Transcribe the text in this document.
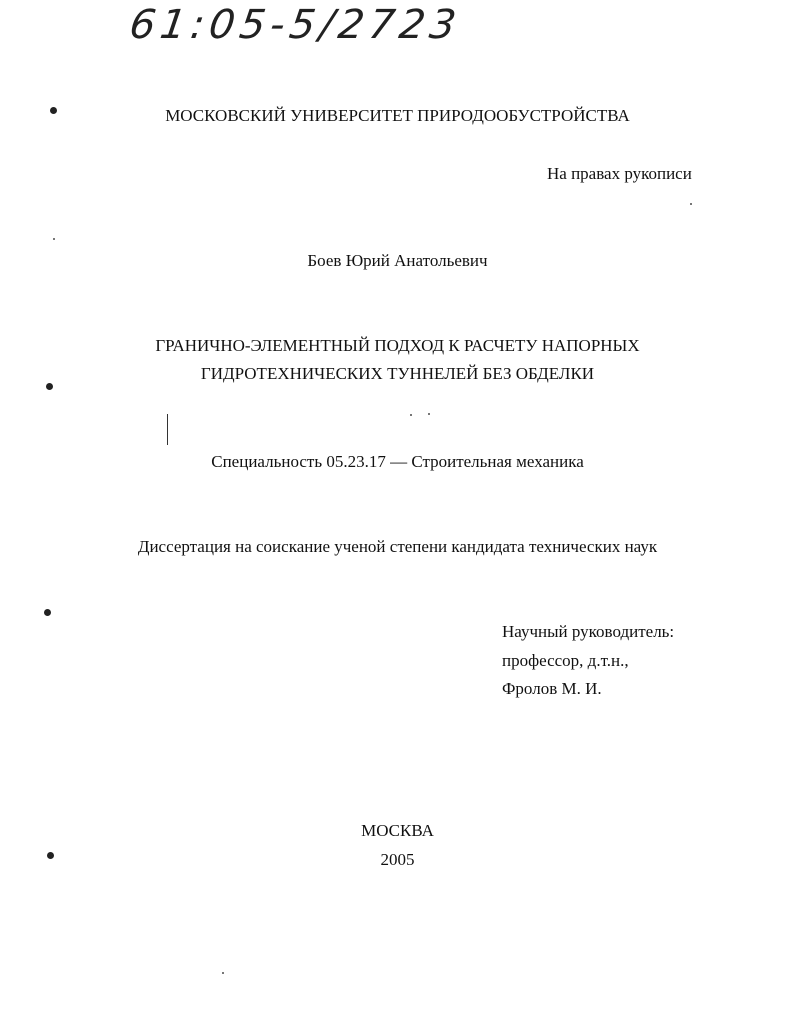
61:05-5/2723
МОСКОВСКИЙ УНИВЕРСИТЕТ ПРИРОДООБУСТРОЙСТВА
На правах рукописи
Боев Юрий Анатольевич
ГРАНИЧНО-ЭЛЕМЕНТНЫЙ ПОДХОД К РАСЧЕТУ НАПОРНЫХ
ГИДРОТЕХНИЧЕСКИХ ТУННЕЛЕЙ БЕЗ ОБДЕЛКИ
Специальность 05.23.17 — Строительная механика
Диссертация на соискание ученой степени кандидата технических наук
Научный руководитель:
профессор, д.т.н.,
Фролов М. И.
МОСКВА
2005
